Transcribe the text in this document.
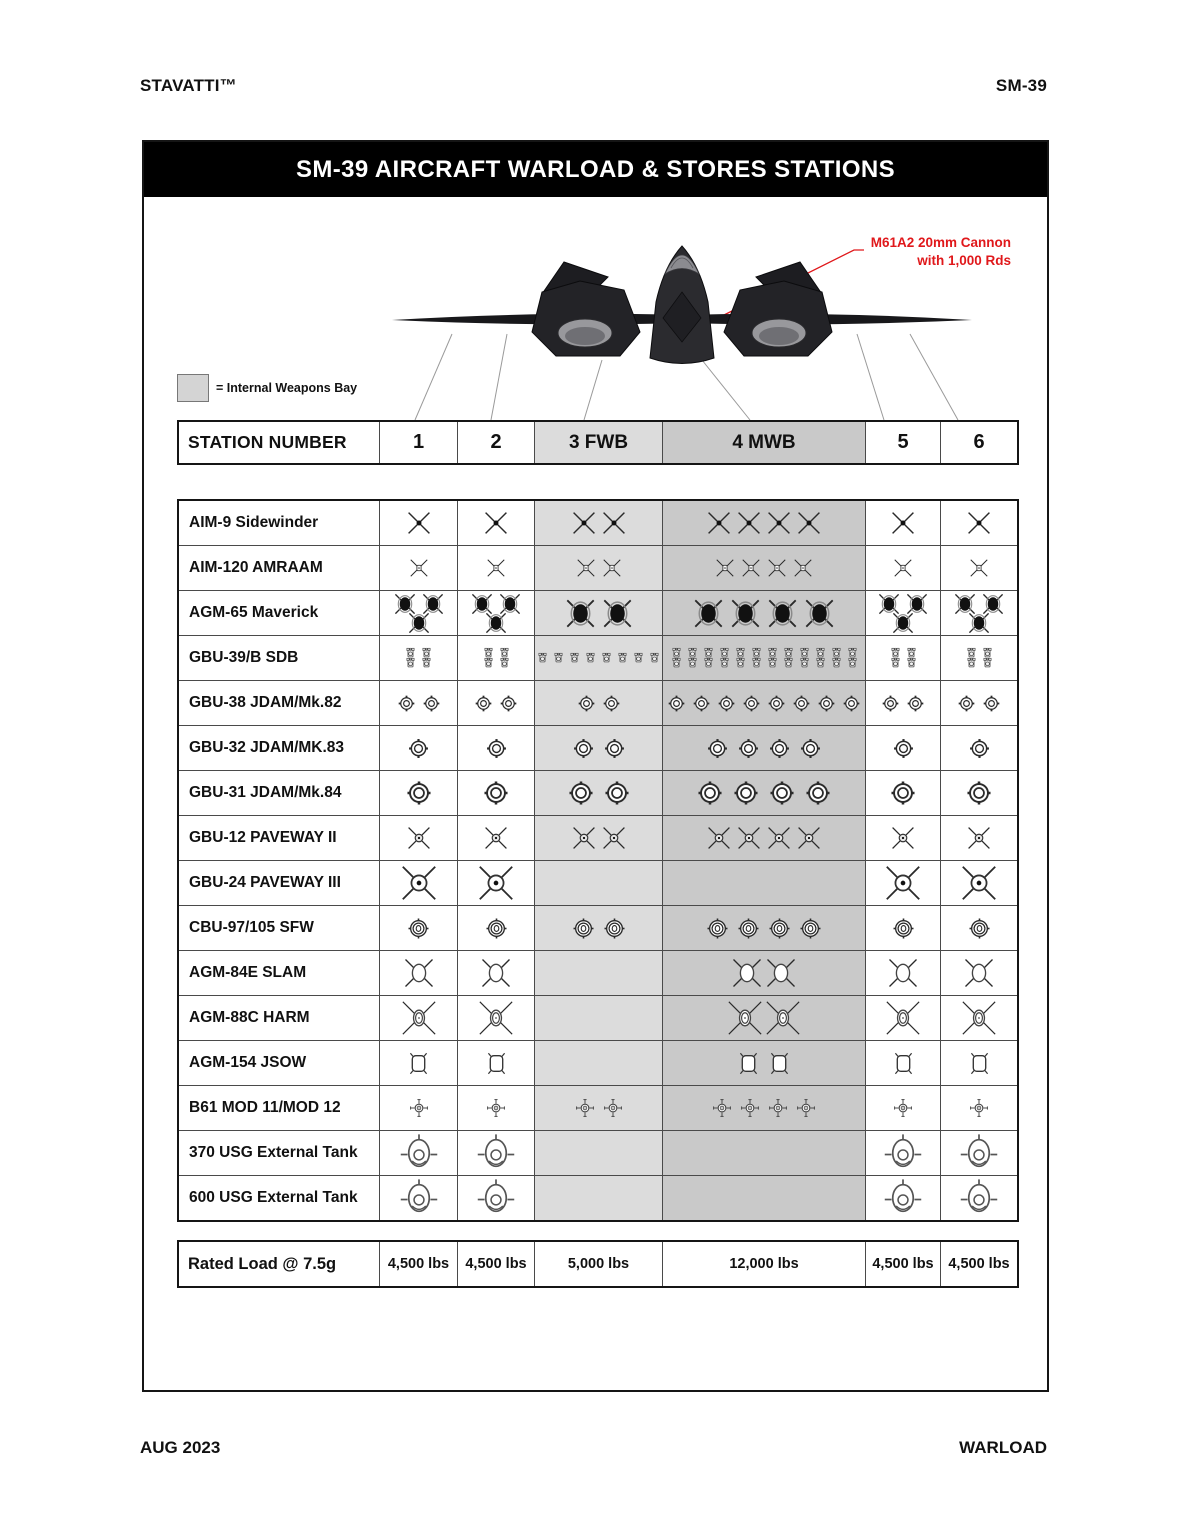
STAVATTI™	SM-39
SM-39 AIRCRAFT WARLOAD & STORES STATIONS
M61A2 20mm Cannon
with 1,000 Rds
= Internal Weapons Bay
STATION NUMBER	1	2	3 FWB	4 MWB	5	6
AIM-9 Sidewinder
AIM-120 AMRAAM
AGM-65 Maverick
GBU-39/B SDB
GBU-38 JDAM/Mk.82
GBU-32 JDAM/MK.83
GBU-31 JDAM/Mk.84
GBU-12 PAVEWAY II
GBU-24 PAVEWAY III
CBU-97/105 SFW
AGM-84E SLAM
AGM-88C HARM
AGM-154 JSOW
B61 MOD 11/MOD 12
370 USG External Tank
600 USG External Tank
Rated Load @ 7.5g	4,500 lbs 4,500 lbs	5,000 lbs	12,000 lbs	4,500 lbs 4,500 lbs
AUG 2023	WARLOAD
